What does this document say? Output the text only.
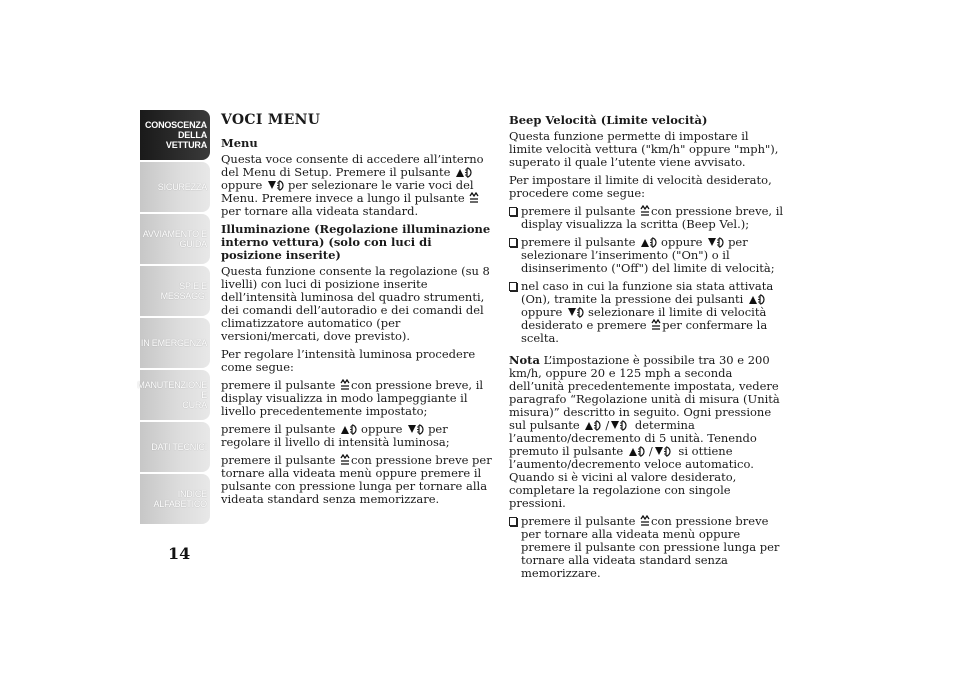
CONOSCENZA
DELLA VETTURA
SICUREZZA
AVVIAMENTO E
GUIDA
SPIE E MESSAGGI
IN EMERGENZA
MANUTENZIONE E
CURA
DATI TECNICI
INDICE
ALFABETICO
14
VOCI MENU

Menu

Questa voce consente di accedere all’interno del Menu di Setup. Premere il pulsante oppure per selezionare le varie voci del Menu. Premere invece a lungo il pulsante per tornare alla videata standard.

Illuminazione (Regolazione illuminazione interno vettura) (solo con luci di posizione inserite)

Questa funzione consente la regolazione (su 8 livelli) con luci di posizione inserite dell’intensità luminosa del quadro strumenti, dei comandi dell’autoradio e dei comandi del climatizzatore automatico (per versioni/mercati, dove previsto).

Per regolare l’intensità luminosa procedere come segue:

premere il pulsante con pressione breve, il display visualizza in modo lampeggiante il livello precedentemente impostato;

premere il pulsante oppure per regolare il livello di intensità luminosa;

premere il pulsante con pressione breve per tornare alla videata menù oppure premere il pulsante con pressione lunga per tornare alla videata standard senza memorizzare.

Beep Velocità (Limite velocità)

Questa funzione permette di impostare il limite velocità vettura ("km/h" oppure "mph"), superato il quale l’utente viene avvisato.

Per impostare il limite di velocità desiderato, procedere come segue:

premere il pulsante con pressione breve, il display visualizza la scritta (Beep Vel.);
premere il pulsante oppure per selezionare l’inserimento ("On") o il disinserimento ("Off") del limite di velocità;
nel caso in cui la funzione sia stata attivata (On), tramite la pressione dei pulsanti oppure selezionare il limite di velocità desiderato e premere per confermare la scelta.

Nota L’impostazione è possibile tra 30 e 200 km/h, oppure 20 e 125 mph a seconda dell’unità precedentemente impostata, vedere paragrafo “Regolazione unità di misura (Unità misura)” descritto in seguito. Ogni pressione sul pulsante / determina l’aumento/decremento di 5 unità. Tenendo premuto il pulsante / si ottiene l’aumento/decremento veloce automatico. Quando si è vicini al valore desiderato, completare la regolazione con singole pressioni.

premere il pulsante con pressione breve per tornare alla videata menù oppure premere il pulsante con pressione lunga per tornare alla videata standard senza memorizzare.
